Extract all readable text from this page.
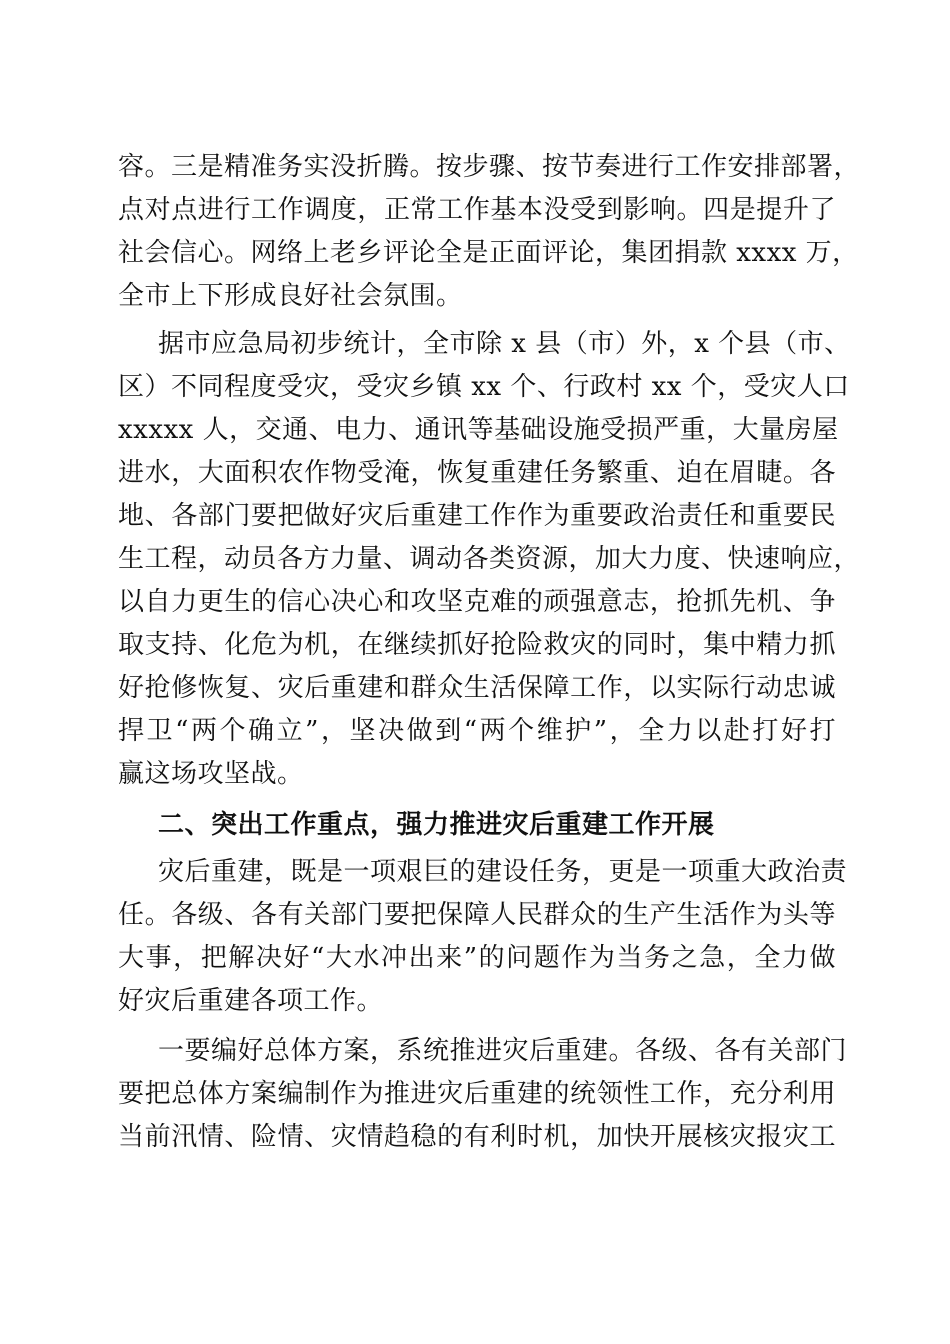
容。三是精准务实没折腾。按步骤、按节奏进行工作安排部署，
点对点进行工作调度，正常工作基本没受到影响。四是提升了
社会信心。网络上老乡评论全是正面评论，集团捐款 xxxx 万，
全市上下形成良好社会氛围。
据市应急局初步统计，全市除 x 县（市）外，x 个县（市、
区）不同程度受灾，受灾乡镇 xx 个、行政村 xx 个，受灾人口
xxxxx 人，交通、电力、通讯等基础设施受损严重，大量房屋
进水，大面积农作物受淹，恢复重建任务繁重、迫在眉睫。各
地、各部门要把做好灾后重建工作作为重要政治责任和重要民
生工程，动员各方力量、调动各类资源，加大力度、快速响应，
以自力更生的信心决心和攻坚克难的顽强意志，抢抓先机、争
取支持、化危为机，在继续抓好抢险救灾的同时，集中精力抓
好抢修恢复、灾后重建和群众生活保障工作，以实际行动忠诚
捍卫“两个确立”，坚决做到“两个维护”，全力以赴打好打
赢这场攻坚战。
二、突出工作重点，强力推进灾后重建工作开展
灾后重建，既是一项艰巨的建设任务，更是一项重大政治责
任。各级、各有关部门要把保障人民群众的生产生活作为头等
大事，把解决好“大水冲出来”的问题作为当务之急，全力做
好灾后重建各项工作。
一要编好总体方案，系统推进灾后重建。各级、各有关部门
要把总体方案编制作为推进灾后重建的统领性工作，充分利用
当前汛情、险情、灾情趋稳的有利时机，加快开展核灾报灾工
